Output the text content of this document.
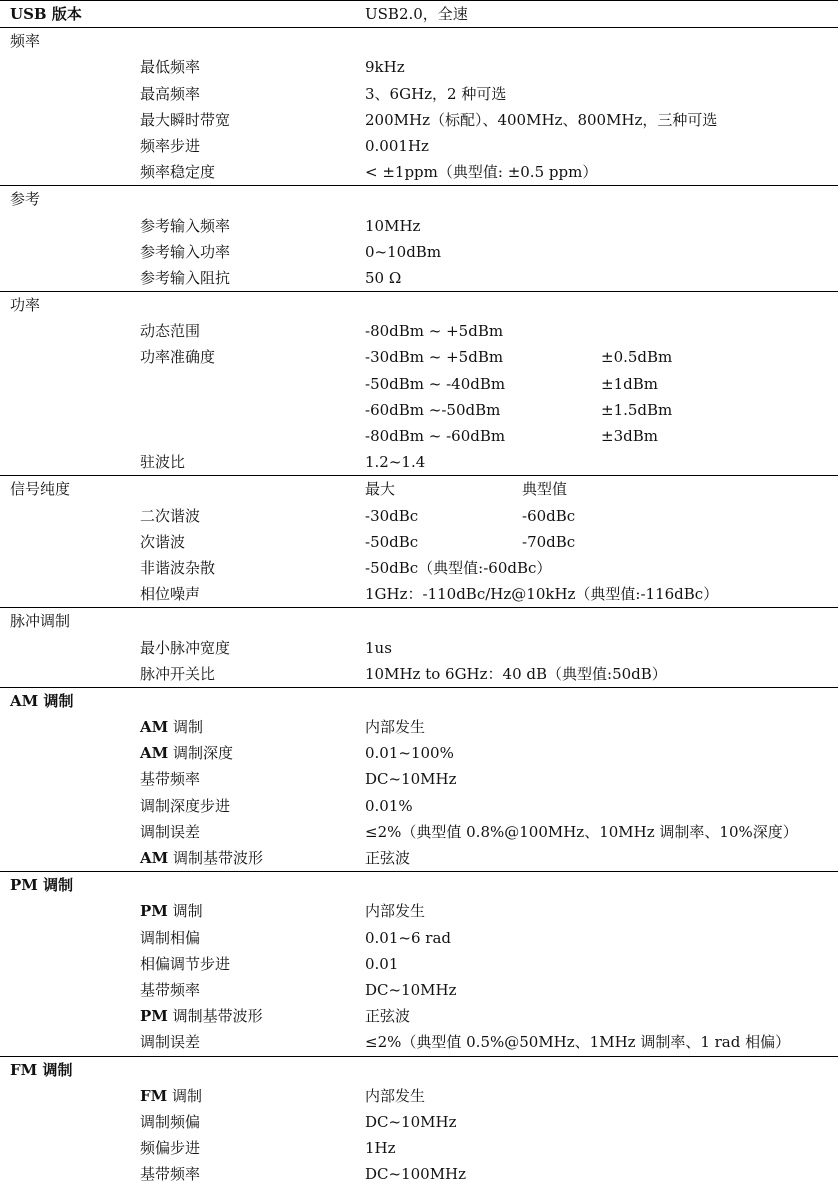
USB 版本	USB2.0，全速
频率
最低频率	9kHz
最高频率	3、6GHz，2 种可选
最大瞬时带宽	200MHz（标配）、400MHz、800MHz，三种可选
频率步进	0.001Hz
频率稳定度	< ±1ppm（典型值: ±0.5 ppm）
参考
参考输入频率	10MHz
参考输入功率	0~10dBm
参考输入阻抗	50 Ω
功率
动态范围	-80dBm ~ +5dBm
功率准确度	-30dBm ~ +5dBm	±0.5dBm
-50dBm ~ -40dBm	±1dBm
-60dBm ~-50dBm	±1.5dBm
-80dBm ~ -60dBm	±3dBm
驻波比	1.2~1.4
信号纯度	最大	典型值
二次谐波	-30dBc	-60dBc
次谐波	-50dBc	-70dBc
非谐波杂散	-50dBc（典型值:-60dBc）
相位噪声	1GHz：-110dBc/Hz@10kHz（典型值:-116dBc）
脉冲调制
最小脉冲宽度	1us
脉冲开关比	10MHz to 6GHz：40 dB（典型值:50dB）
AM 调制
AM 调制	内部发生
AM 调制深度	0.01~100%
基带频率	DC~10MHz
调制深度步进	0.01%
调制误差	≤2%（典型值 0.8%@100MHz、10MHz 调制率、10%深度）
AM 调制基带波形	正弦波
PM 调制
PM 调制	内部发生
调制相偏	0.01~6 rad
相偏调节步进	0.01
基带频率	DC~10MHz
PM 调制基带波形	正弦波
调制误差	≤2%（典型值 0.5%@50MHz、1MHz 调制率、1 rad 相偏）
FM 调制
FM 调制	内部发生
调制频偏	DC~10MHz
频偏步进	1Hz
基带频率	DC~100MHz
